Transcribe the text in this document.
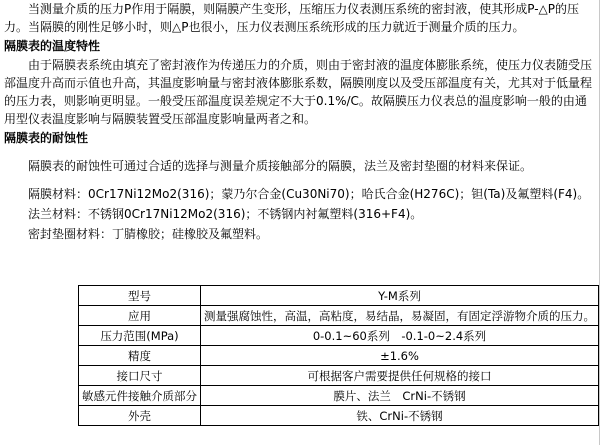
当测量介质的压力P作用于隔膜，则隔膜产生变形，压缩压力仪表测压系统的密封液，使其形成P-△P的压力。当隔膜的刚性足够小时，则△P也很小，压力仪表测压系统形成的压力就近于测量介质的压力。

隔膜表的温度特性

由于隔膜表系统由填充了密封液作为传递压力的介质，则由于密封液的温度体膨胀系统，使压力仪表随受压部温度升高而示值也升高，其温度影响量与密封液体膨胀系数，隔膜刚度以及受压部温度有关，尤其对于低量程的压力表，则影响更明显。一般受压部温度误差规定不大于0.1%/C。故隔膜压力仪表总的温度影响一般的由通用型仪表温度影响与隔膜装置受压部温度影响量两者之和。

隔膜表的耐蚀性

隔膜表的耐蚀性可通过合适的选择与测量介质接触部分的隔膜，法兰及密封垫圈的材料来保证。

隔膜材料：0Cr17Ni12Mo2(316)；蒙乃尔合金(Cu30Ni70)；哈氏合金(H276C)；钽(Ta)及氟塑料(F4)。

法兰材料：不锈钢0Cr17Ni12Mo2(316)；不锈钢内衬氟塑料(316+F4)。

密封垫圈材料：丁腈橡胶；硅橡胶及氟塑料。

型号	Y-M系列
应用	测量强腐蚀性，高温，高粘度，易结晶，易凝固，有固定浮游物介质的压力。
压力范围(MPa)	0-0.1~60系列　-0.1-0~2.4系列
精度	±1.6%
接口尺寸	可根据客户需要提供任何规格的接口
敏感元件接触介质部分	膜片、法兰　CrNi-不锈钢
外壳	铁、CrNi-不锈钢
